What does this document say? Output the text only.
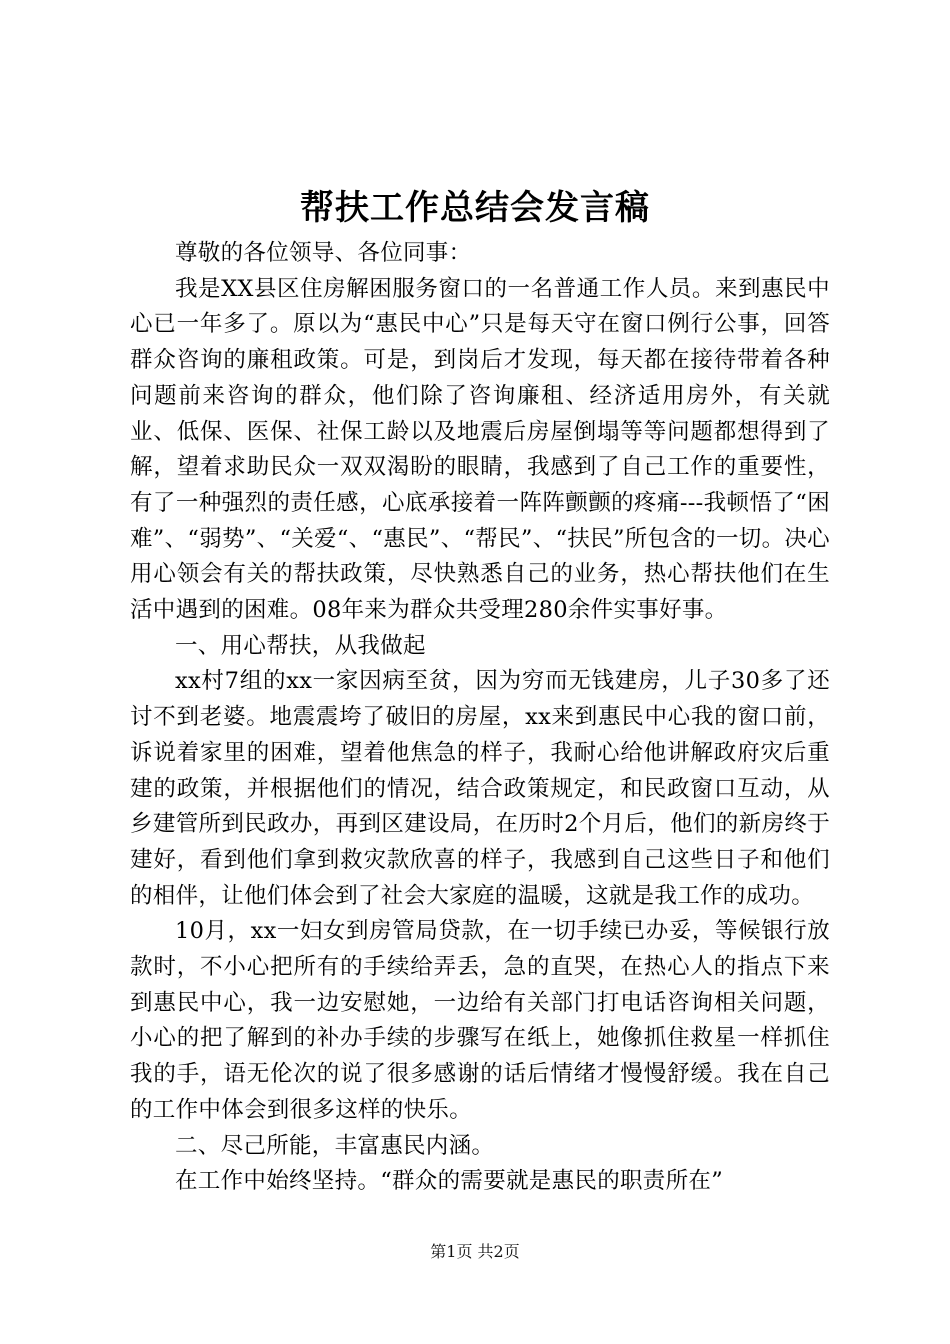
帮扶工作总结会发言稿

尊敬的各位领导、各位同事：

我是XX县区住房解困服务窗口的一名普通工作人员。来到惠民中心已一年多了。原以为“惠民中心”只是每天守在窗口例行公事，回答群众咨询的廉租政策。可是，到岗后才发现，每天都在接待带着各种问题前来咨询的群众，他们除了咨询廉租、经济适用房外，有关就业、低保、医保、社保工龄以及地震后房屋倒塌等等问题都想得到了解，望着求助民众一双双渴盼的眼睛，我感到了自己工作的重要性，有了一种强烈的责任感，心底承接着一阵阵颤颤的疼痛---我顿悟了“困难”、“弱势”、“关爱“、“惠民”、“帮民”、“扶民”所包含的一切。决心用心领会有关的帮扶政策，尽快熟悉自己的业务，热心帮扶他们在生活中遇到的困难。08年来为群众共受理280余件实事好事。

一、用心帮扶，从我做起

xx村7组的xx一家因病至贫，因为穷而无钱建房，儿子30多了还讨不到老婆。地震震垮了破旧的房屋，xx来到惠民中心我的窗口前，诉说着家里的困难，望着他焦急的样子，我耐心给他讲解政府灾后重建的政策，并根据他们的情况，结合政策规定，和民政窗口互动，从乡建管所到民政办，再到区建设局，在历时2个月后，他们的新房终于建好，看到他们拿到救灾款欣喜的样子，我感到自己这些日子和他们的相伴，让他们体会到了社会大家庭的温暖，这就是我工作的成功。

10月，xx一妇女到房管局贷款，在一切手续已办妥，等候银行放款时，不小心把所有的手续给弄丢，急的直哭，在热心人的指点下来到惠民中心，我一边安慰她，一边给有关部门打电话咨询相关问题，小心的把了解到的补办手续的步骤写在纸上，她像抓住救星一样抓住我的手，语无伦次的说了很多感谢的话后情绪才慢慢舒缓。我在自己的工作中体会到很多这样的快乐。

二、尽己所能，丰富惠民内涵。

在工作中始终坚持。“群众的需要就是惠民的职责所在”

第1页 共2页
